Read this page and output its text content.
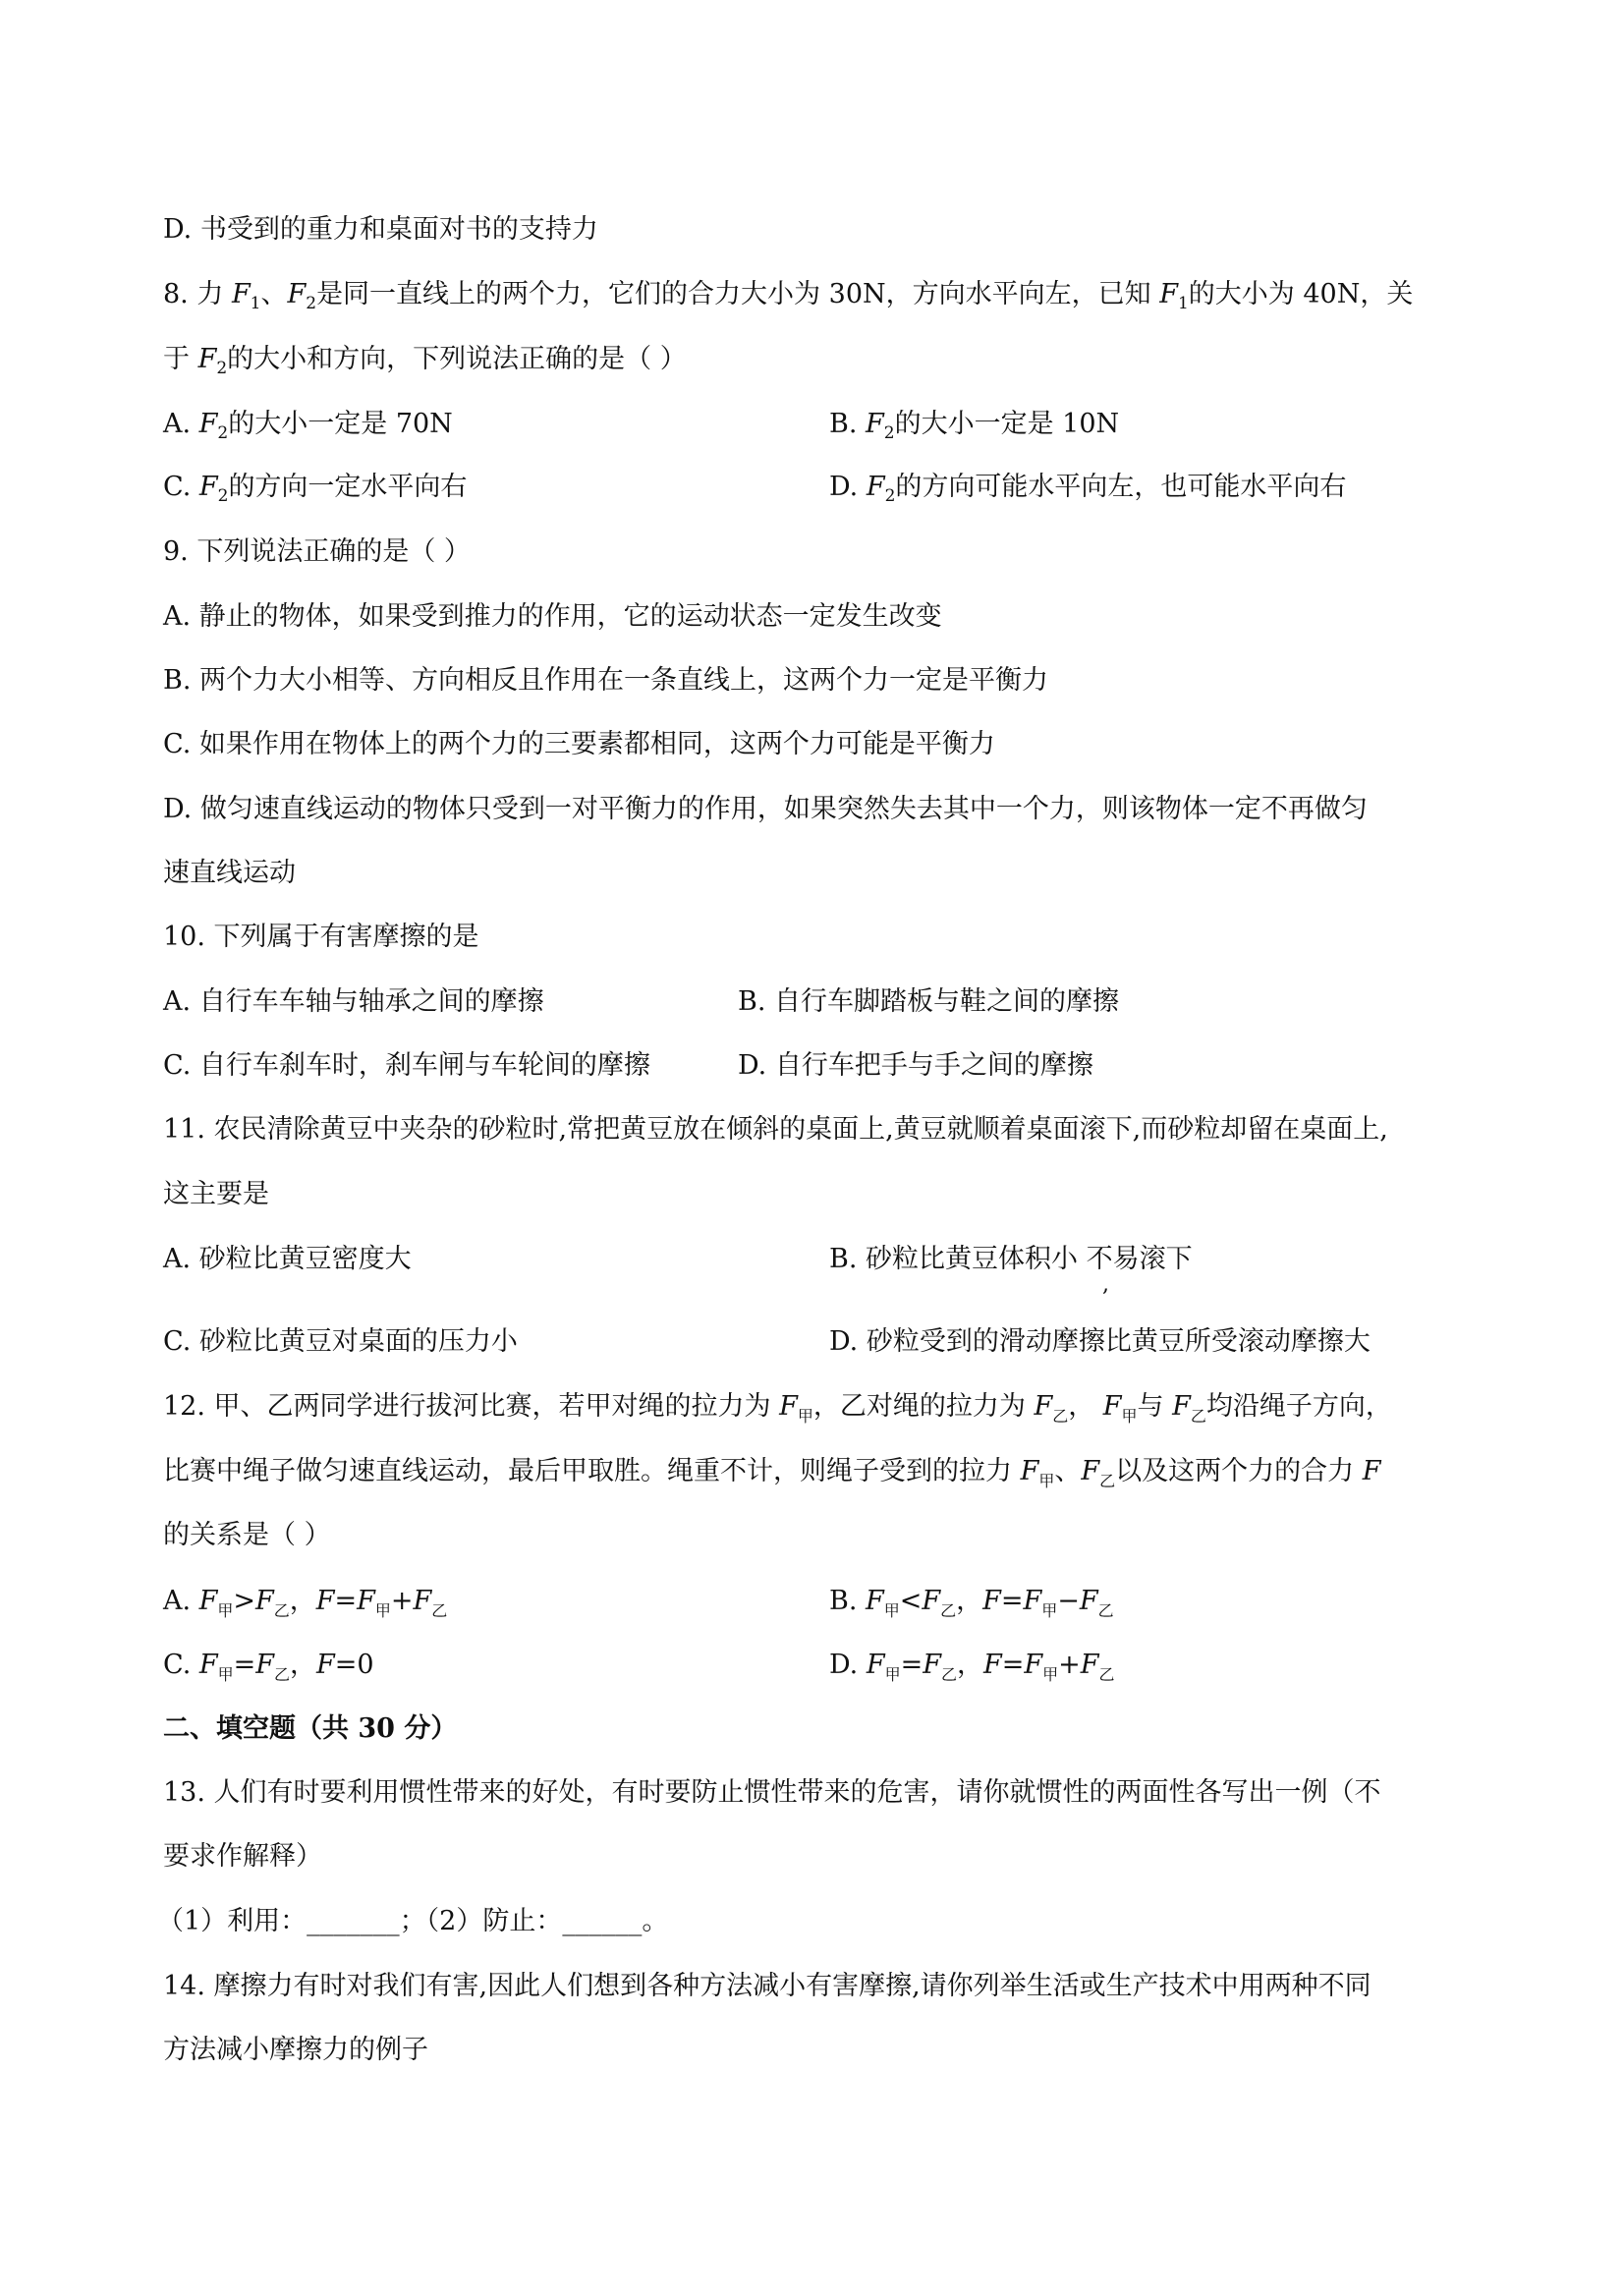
D. 书受到的重力和桌面对书的支持力
8. 力 $F_1$、$F_2$是同一直线上的两个力，它们的合力大小为 30N，方向水平向左，已知 $F_1$的大小为 40N，关
于 $F_2$的大小和方向，下列说法正确的是（ ）
A. $F_2$的大小一定是 70N	B. $F_2$的大小一定是 10N
C. $F_2$的方向一定水平向右	D. $F_2$的方向可能水平向左，也可能水平向右
9. 下列说法正确的是（ ）
A. 静止的物体，如果受到推力的作用，它的运动状态一定发生改变
B. 两个力大小相等、方向相反且作用在一条直线上，这两个力一定是平衡力
C. 如果作用在物体上的两个力的三要素都相同，这两个力可能是平衡力
D. 做匀速直线运动的物体只受到一对平衡力的作用，如果突然失去其中一个力，则该物体一定不再做匀
速直线运动
10. 下列属于有害摩擦的是
A. 自行车车轴与轴承之间的摩擦	B. 自行车脚踏板与鞋之间的摩擦
C. 自行车刹车时，刹车闸与车轮间的摩擦	D. 自行车把手与手之间的摩擦
11. 农民清除黄豆中夹杂的砂粒时,常把黄豆放在倾斜的桌面上,黄豆就顺着桌面滚下,而砂粒却留在桌面上,
这主要是
A. 砂粒比黄豆密度大	B. 砂粒比黄豆体积小 不易滚下
,
C. 砂粒比黄豆对桌面的压力小	D. 砂粒受到的滑动摩擦比黄豆所受滚动摩擦大
12. 甲、乙两同学进行拔河比赛，若甲对绳的拉力为 $F_甲$，乙对绳的拉力为 $F_乙$， $F_甲$与 $F_乙$均沿绳子方向，
比赛中绳子做匀速直线运动，最后甲取胜。绳重不计，则绳子受到的拉力 $F_甲$、$F_乙$以及这两个力的合力 F
的关系是（ ）
A. $F_甲>F_乙$，$F=F_甲+F_乙$	B. $F_甲<F_乙$，$F=F_甲-F_乙$
C. $F_甲=F_乙$，F=0	D. $F_甲=F_乙$，$F=F_甲+F_乙$
二、填空题（共 30 分）
13. 人们有时要利用惯性带来的好处，有时要防止惯性带来的危害，请你就惯性的两面性各写出一例（不
要求作解释）
（1）利用：_______；（2）防止：______。
14. 摩擦力有时对我们有害,因此人们想到各种方法减小有害摩擦,请你列举生活或生产技术中用两种不同
方法减小摩擦力的例子
